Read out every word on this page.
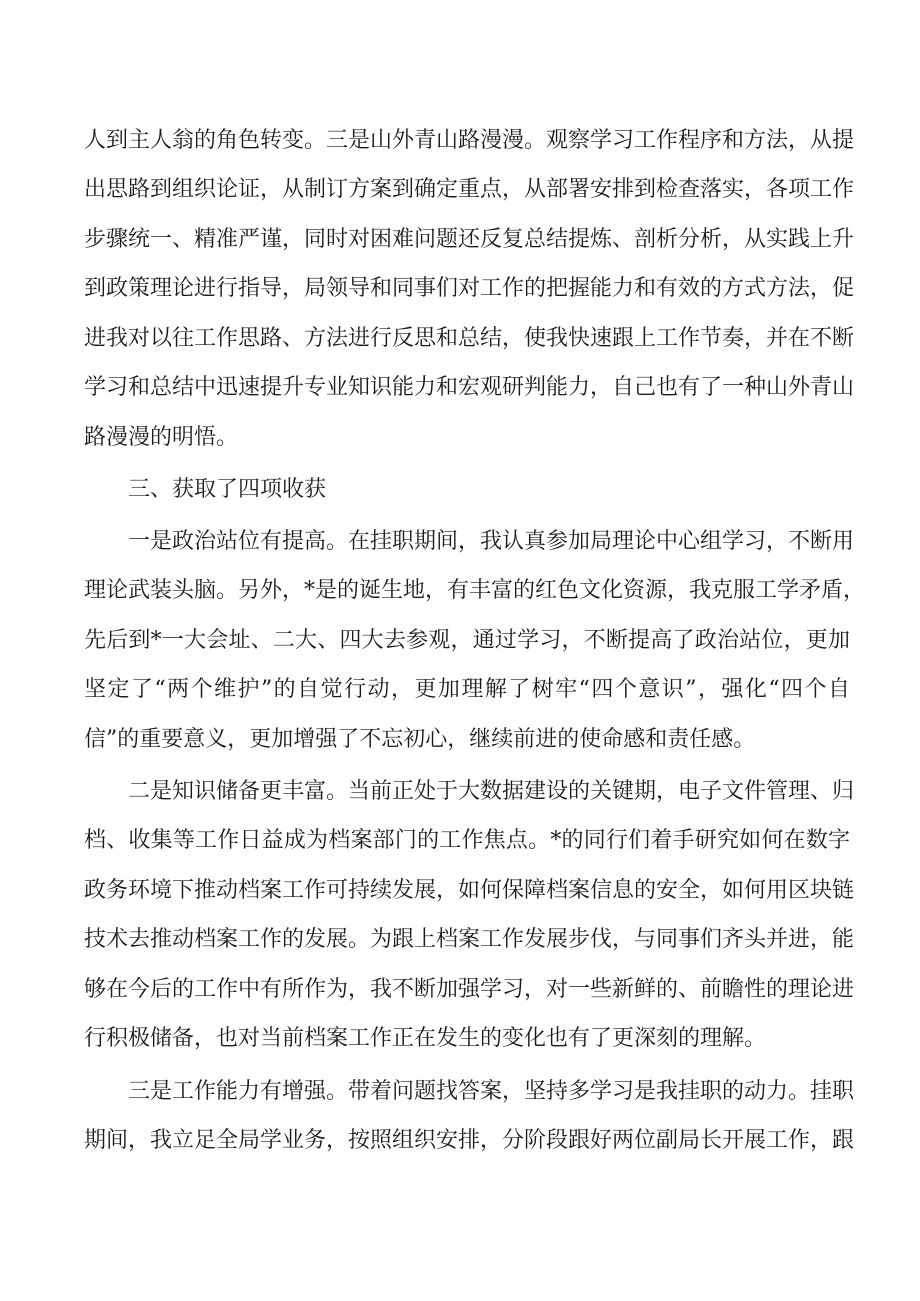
人到主人翁的角色转变。三是山外青山路漫漫。观察学习工作程序和方法，从提
出思路到组织论证，从制订方案到确定重点，从部署安排到检查落实，各项工作
步骤统一、精准严谨，同时对困难问题还反复总结提炼、剖析分析，从实践上升
到政策理论进行指导，局领导和同事们对工作的把握能力和有效的方式方法，促
进我对以往工作思路、方法进行反思和总结，使我快速跟上工作节奏，并在不断
学习和总结中迅速提升专业知识能力和宏观研判能力，自己也有了一种山外青山
路漫漫的明悟。
三、获取了四项收获
一是政治站位有提高。在挂职期间，我认真参加局理论中心组学习，不断用
理论武装头脑。另外，*是的诞生地，有丰富的红色文化资源，我克服工学矛盾，
先后到*一大会址、二大、四大去参观，通过学习，不断提高了政治站位，更加
坚定了“两个维护”的自觉行动，更加理解了树牢“四个意识”，强化“四个自
信”的重要意义，更加增强了不忘初心，继续前进的使命感和责任感。
二是知识储备更丰富。当前正处于大数据建设的关键期，电子文件管理、归
档、收集等工作日益成为档案部门的工作焦点。*的同行们着手研究如何在数字
政务环境下推动档案工作可持续发展，如何保障档案信息的安全，如何用区块链
技术去推动档案工作的发展。为跟上档案工作发展步伐，与同事们齐头并进，能
够在今后的工作中有所作为，我不断加强学习，对一些新鲜的、前瞻性的理论进
行积极储备，也对当前档案工作正在发生的变化也有了更深刻的理解。
三是工作能力有增强。带着问题找答案，坚持多学习是我挂职的动力。挂职
期间，我立足全局学业务，按照组织安排，分阶段跟好两位副局长开展工作，跟
